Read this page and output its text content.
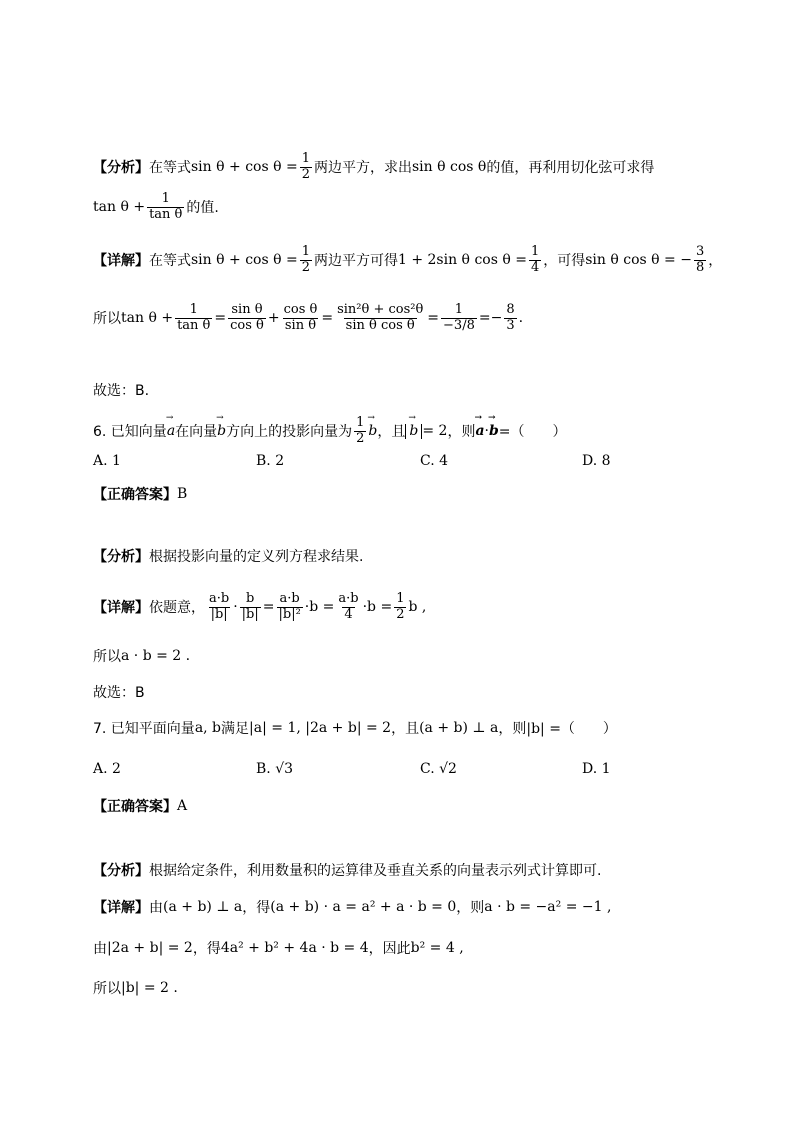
【分析】 在等式 $\sin \theta + \cos \theta = \frac{1}{2}$ 两边平方，求出 sin θ cos θ 的值，再利用切化弦可求得
$\tan \theta + \frac{1}{\text{tan θ}}$ 的值.
【详解】 在等式 $\sin \theta + \cos \theta = \frac{1}{2}$ 两边平方可得 1 + 2sin θ $\cos \theta = \frac{1}{4}$ ，可得 sin θ cos θ = − $\frac{3}{8}$ ，
所以 $\tan \theta + \frac{1}{\text{tan θ}} = \frac{\text{sin θ}}{\text{cos θ}} + \frac{\text{cos θ}}{\text{sin θ}} = \frac{\text{sin²θ + cos²θ}}{\text{sin θ cos θ}} = \frac{1}{-3/8} =- \frac{8}{3}$ .
故选：B.
6. 已知向量
→ a 在向量
→ b 方向上的投影向量为 $\frac{1}{2}$
→ b ，且
→ b = 2 ，则
→ a ·
→ b =（　　）
A. 1	B. 2	C. 4	D. 8
【正确答案】 B
【分析】 根据投影向量的定义列方程求结果.
【详解】 依题意， $\frac{a\cdot b}{|b|} \cdot \frac{b}{|b|} = \frac{a\cdot b}{\text{|b|²}} \cdot b = \frac{a\cdot b}{4} \cdot b = \frac{1}{2}$ b ,
所以 a · b = 2 .
故选：B
7. 已知平面向量 a, b 满足 |a| = 1, |2a + b| = 2 ，且 (a + b) ⊥ a ，则 |b| =（　　）
A. 2	B. √3	C. √2	D. 1
【正确答案】 A
【分析】 根据给定条件，利用数量积的运算律及垂直关系的向量表示列式计算即可.
【详解】 由 (a + b) ⊥ a ，得 (a + b) · a = a² + a · b = 0 ，则 a · b = −a² = −1 ,
由 |2a + b| = 2 ，得 4a² + b² + 4a · b = 4 ，因此 b² = 4 ,
所以 |b| = 2 .
